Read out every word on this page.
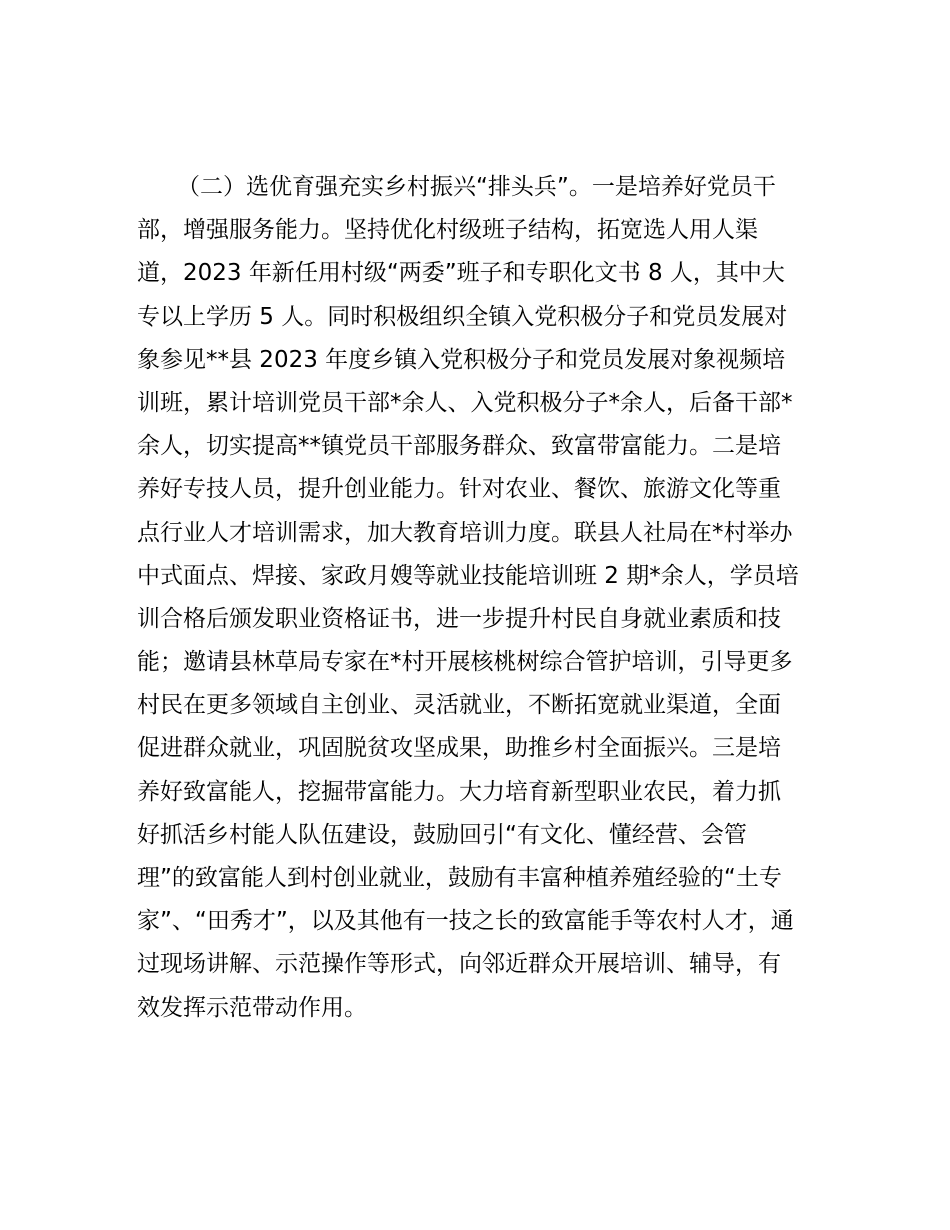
（二）选优育强充实乡村振兴“排头兵”。一是培养好党员干
部，增强服务能力。坚持优化村级班子结构，拓宽选人用人渠
道，2023 年新任用村级“两委”班子和专职化文书 8 人，其中大
专以上学历 5 人。同时积极组织全镇入党积极分子和党员发展对
象参见**县 2023 年度乡镇入党积极分子和党员发展对象视频培
训班，累计培训党员干部*余人、入党积极分子*余人，后备干部*
余人，切实提高**镇党员干部服务群众、致富带富能力。二是培
养好专技人员，提升创业能力。针对农业、餐饮、旅游文化等重
点行业人才培训需求，加大教育培训力度。联县人社局在*村举办
中式面点、焊接、家政月嫂等就业技能培训班 2 期*余人，学员培
训合格后颁发职业资格证书，进一步提升村民自身就业素质和技
能；邀请县林草局专家在*村开展核桃树综合管护培训，引导更多
村民在更多领域自主创业、灵活就业，不断拓宽就业渠道，全面
促进群众就业，巩固脱贫攻坚成果，助推乡村全面振兴。三是培
养好致富能人，挖掘带富能力。大力培育新型职业农民，着力抓
好抓活乡村能人队伍建设，鼓励回引“有文化、懂经营、会管
理”的致富能人到村创业就业，鼓励有丰富种植养殖经验的“土专
家”、“田秀才”，以及其他有一技之长的致富能手等农村人才，通
过现场讲解、示范操作等形式，向邻近群众开展培训、辅导，有
效发挥示范带动作用。
